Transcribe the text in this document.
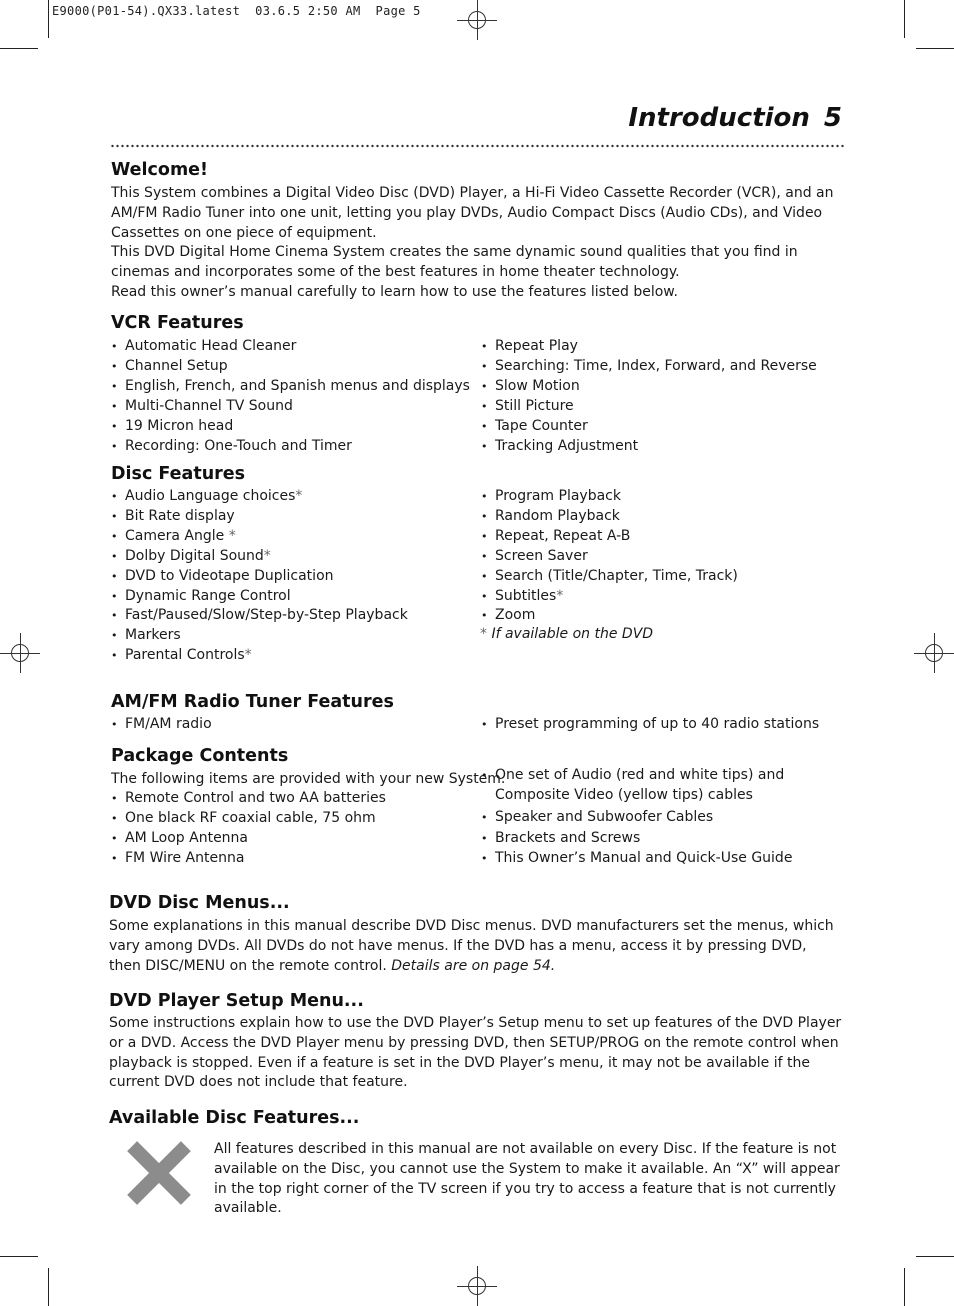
E9000(P01-54).QX33.latest  03.6.5 2:50 AM  Page 5
Introduction 5
Welcome!

This System combines a Digital Video Disc (DVD) Player, a Hi-Fi Video Cassette Recorder (VCR), and an AM/FM Radio Tuner into one unit, letting you play DVDs, Audio Compact Discs (Audio CDs), and Video Cassettes on one piece of equipment.

This DVD Digital Home Cinema System creates the same dynamic sound qualities that you find in cinemas and incorporates some of the best features in home theater technology.

Read this owner’s manual carefully to learn how to use the features listed below.

VCR Features
• Automatic Head Cleaner
• Channel Setup
• English, French, and Spanish menus and displays
• Multi-Channel TV Sound
• 19 Micron head
• Recording: One-Touch and Timer
• Repeat Play
• Searching: Time, Index, Forward, and Reverse
• Slow Motion
• Still Picture
• Tape Counter
• Tracking Adjustment
Disc Features
• Audio Language choices*
• Bit Rate display
• Camera Angle *
• Dolby Digital Sound*
• DVD to Videotape Duplication
• Dynamic Range Control
• Fast/Paused/Slow/Step-by-Step Playback
• Markers
• Parental Controls*
• Program Playback
• Random Playback
• Repeat, Repeat A-B
• Screen Saver
• Search (Title/Chapter, Time, Track)
• Subtitles*
• Zoom
* If available on the DVD
AM/FM Radio Tuner Features
• FM/AM radio
•	Preset programming of up to 40 radio stations
Package Contents
The following items are provided with your new System.
• Remote Control and two AA batteries
• One black RF coaxial cable, 75 ohm
• AM Loop Antenna
• FM Wire Antenna
• One set of Audio (red and white tips) and
Composite Video (yellow tips) cables
• Speaker and Subwoofer Cables
• Brackets and Screws
• This Owner’s Manual and Quick-Use Guide
DVD Disc Menus...
Some explanations in this manual describe DVD Disc menus. DVD manufacturers set the menus, which vary among DVDs. All DVDs do not have menus. If the DVD has a menu, access it by pressing DVD, then DISC/MENU on the remote control. Details are on page 54.
DVD Player Setup Menu...
Some instructions explain how to use the DVD Player’s Setup menu to set up features of the DVD Player or a DVD. Access the DVD Player menu by pressing DVD, then SETUP/PROG on the remote control when playback is stopped. Even if a feature is set in the DVD Player’s menu, it may not be available if the current DVD does not include that feature.
Available Disc Features...
All features described in this manual are not available on every Disc. If the feature is not available on the Disc, you cannot use the System to make it available. An “X” will appear in the top right corner of the TV screen if you try to access a feature that is not currently available.
